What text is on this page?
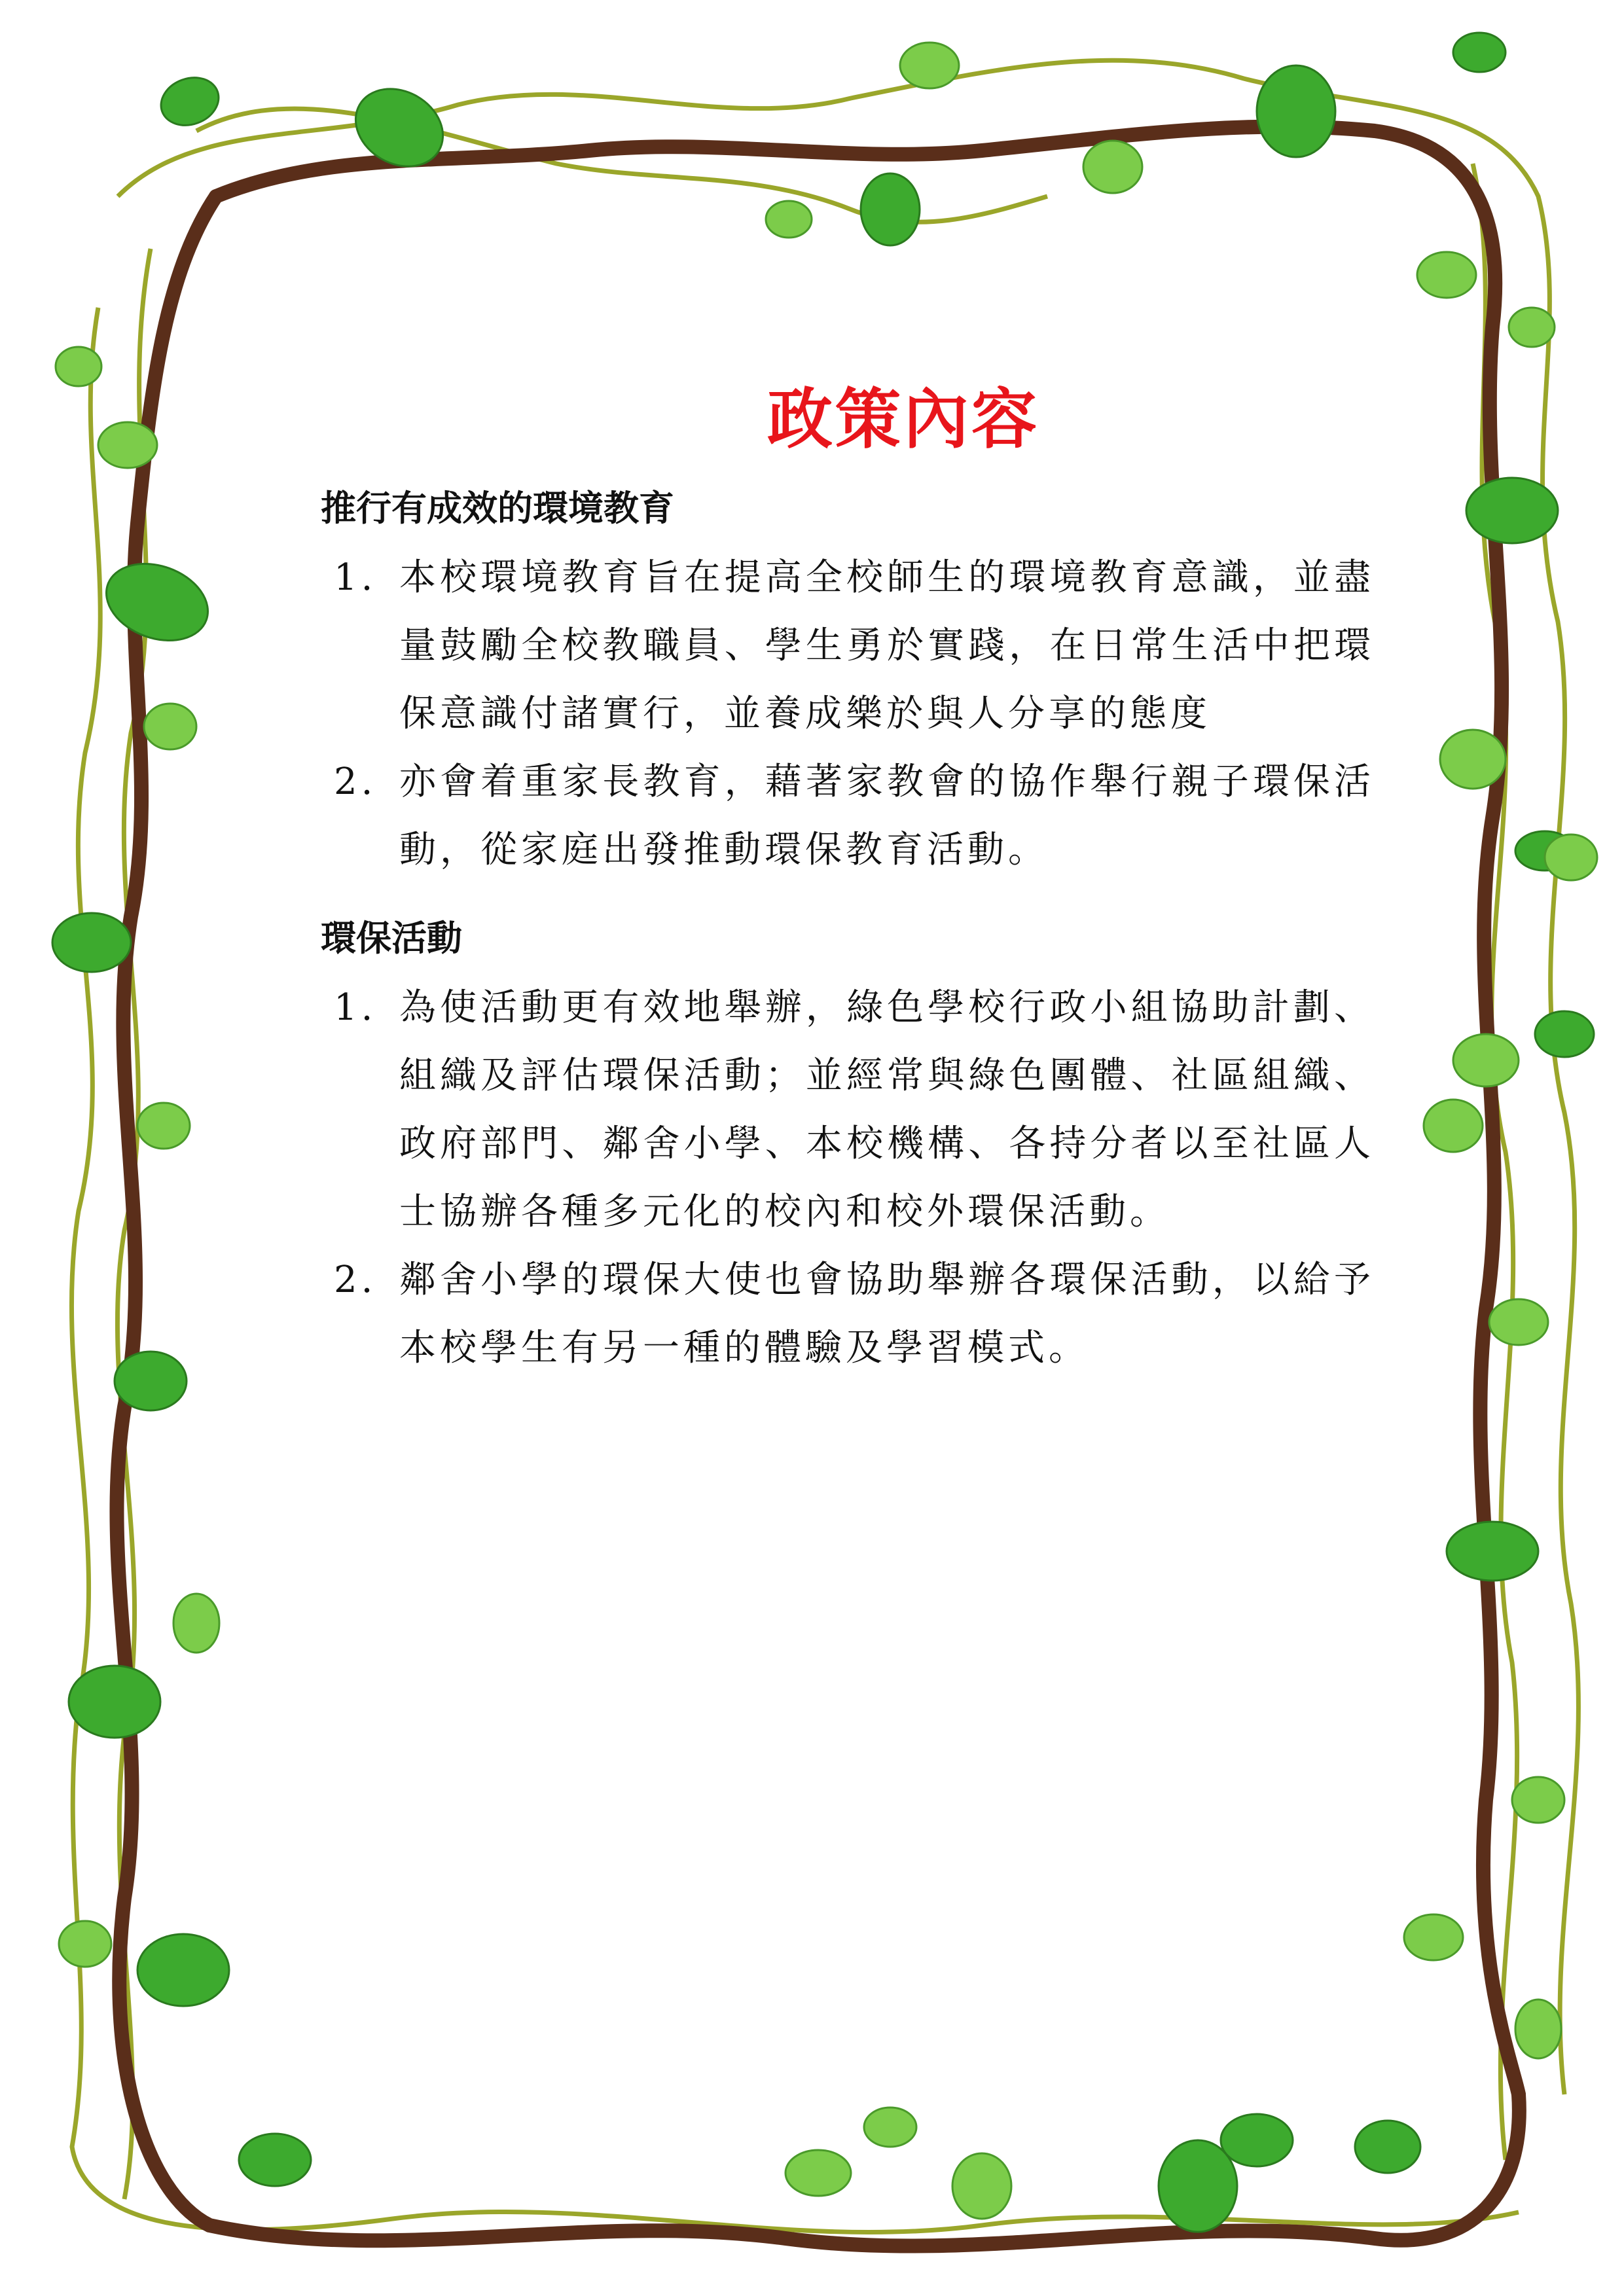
政策內容
推行有成效的環境教育
1. 本校環境教育旨在提高全校師生的環境教育意識，並盡量鼓勵全校教職員、學生勇於實踐，在日常生活中把環保意識付諸實行，並養成樂於與人分享的態度
2. 亦會着重家長教育，藉著家教會的協作舉行親子環保活動，從家庭出發推動環保教育活動。
環保活動
1. 為使活動更有效地舉辦，綠色學校行政小組協助計劃、組織及評估環保活動；並經常與綠色團體、社區組織、政府部門、鄰舍小學、本校機構、各持分者以至社區人士協辦各種多元化的校內和校外環保活動。
2. 鄰舍小學的環保大使也會協助舉辦各環保活動，以給予本校學生有另一種的體驗及學習模式。
